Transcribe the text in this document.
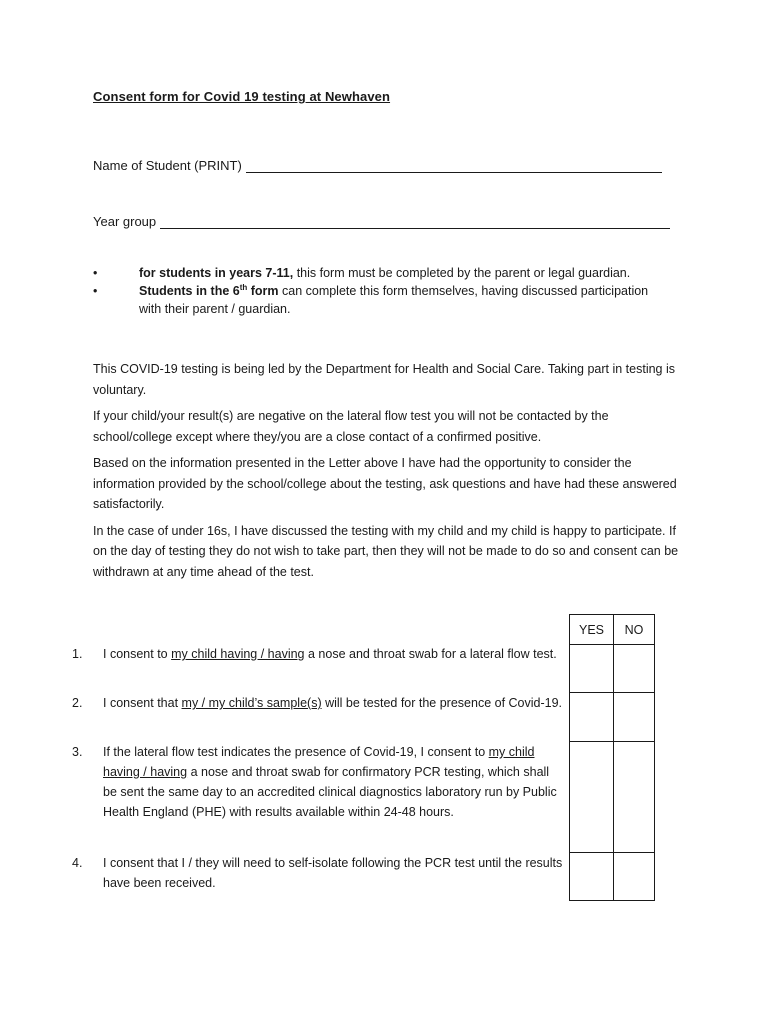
Consent form for Covid 19 testing at Newhaven
Name of Student (PRINT)
Year group
•	for students in years 7-11, this form must be completed by the parent or legal guardian.
•	Students in the 6th form can complete this form themselves, having discussed participation with their parent / guardian.

This COVID-19 testing is being led by the Department for Health and Social Care. Taking part in testing is voluntary.

If your child/your result(s) are negative on the lateral flow test you will not be contacted by the school/college except where they/you are a close contact of a confirmed positive.

Based on the information presented in the Letter above I have had the opportunity to consider the information provided by the school/college about the testing, ask questions and have had these answered satisfactorily.

In the case of under 16s, I have discussed the testing with my child and my child is happy to participate. If on the day of testing they do not wish to take part, then they will not be made to do so and consent can be withdrawn at any time ahead of the test.

YES	NO

1. I consent to my child having / having a nose and throat swab for a lateral flow test.
2. I consent that my / my child’s sample(s) will be tested for the presence of Covid-19.
3. If the lateral flow test indicates the presence of Covid-19, I consent to my child having / having a nose and throat swab for confirmatory PCR testing, which shall be sent the same day to an accredited clinical diagnostics laboratory run by Public Health England (PHE) with results available within 24-48 hours.
4. I consent that I / they will need to self-isolate following the PCR test until the results have been received.
